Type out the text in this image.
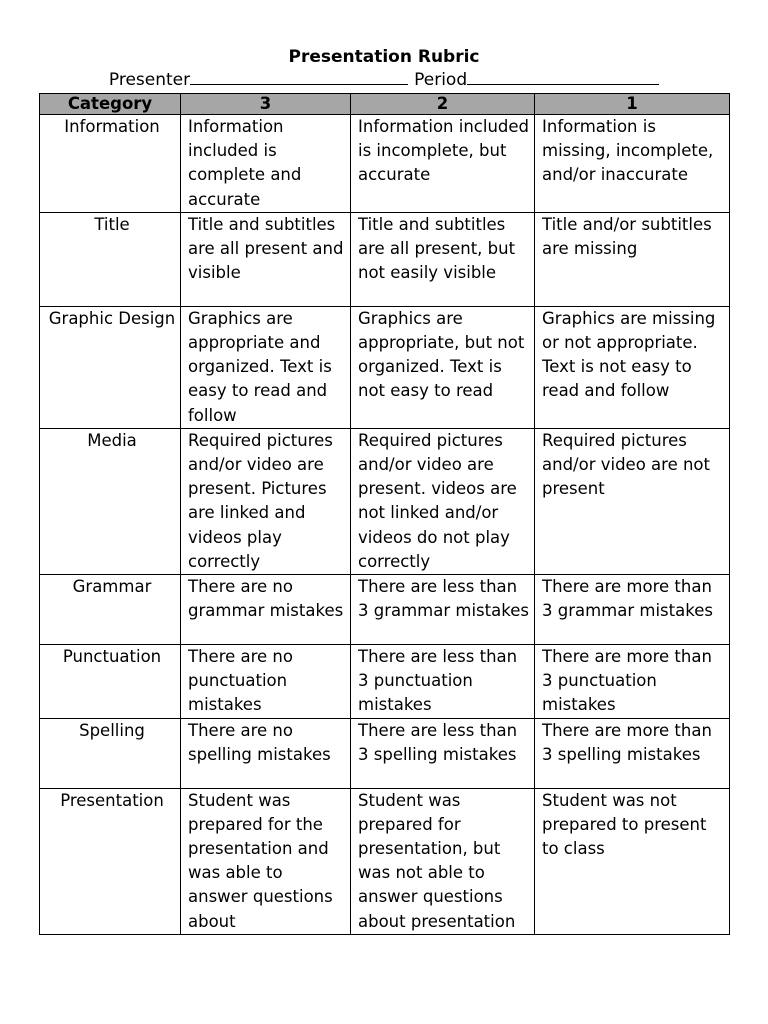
Presentation Rubric
Presenter	Period
Category	3	2	1
Information	Information included is complete and accurate	Information included is incomplete, but accurate	Information is missing, incomplete, and/or inaccurate
Title	Title and subtitles are all present and visible	Title and subtitles are all present, but not easily visible	Title and/or subtitles are missing
Graphic Design	Graphics are appropriate and organized. Text is easy to read and follow	Graphics are appropriate, but not organized. Text is not easy to read	Graphics are missing or not appropriate. Text is not easy to read and follow
Media	Required pictures and/or video are present. Pictures are linked and videos play correctly	Required pictures and/or video are present. videos are not linked and/or videos do not play correctly	Required pictures and/or video are not present
Grammar	There are no grammar mistakes	There are less than 3 grammar mistakes	There are more than 3 grammar mistakes
Punctuation	There are no punctuation mistakes	There are less than 3 punctuation mistakes	There are more than 3 punctuation mistakes
Spelling	There are no spelling mistakes	There are less than 3 spelling mistakes	There are more than 3 spelling mistakes
Presentation	Student was prepared for the presentation and was able to answer questions about	Student was prepared for presentation, but was not able to answer questions about presentation	Student was not prepared to present to class
